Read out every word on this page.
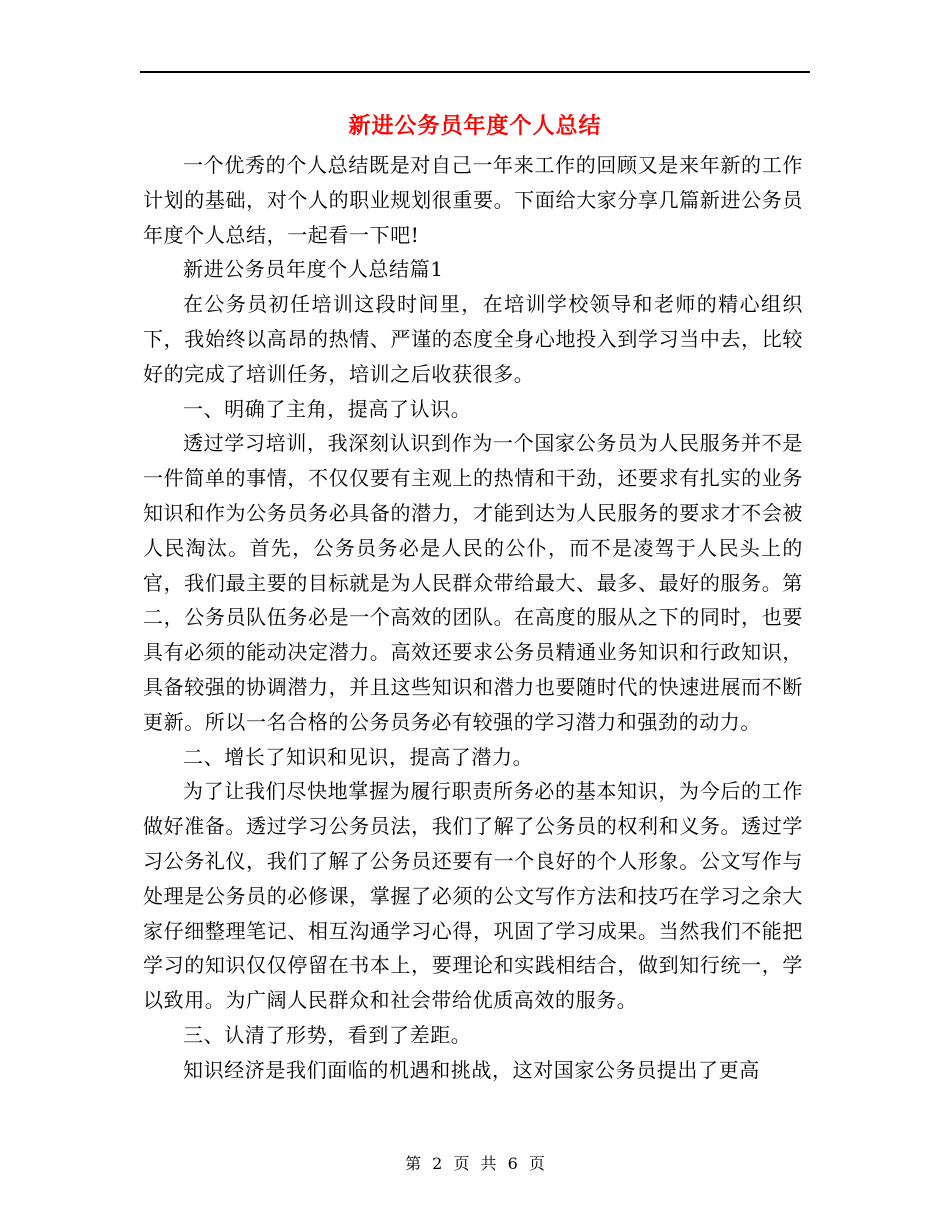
新进公务员年度个人总结

一个优秀的个人总结既是对自己一年来工作的回顾又是来年新的工作计划的基础，对个人的职业规划很重要。下面给大家分享几篇新进公务员年度个人总结，一起看一下吧!

新进公务员年度个人总结篇1

在公务员初任培训这段时间里，在培训学校领导和老师的精心组织下，我始终以高昂的热情、严谨的态度全身心地投入到学习当中去，比较好的完成了培训任务，培训之后收获很多。

一、明确了主角，提高了认识。

透过学习培训，我深刻认识到作为一个国家公务员为人民服务并不是一件简单的事情，不仅仅要有主观上的热情和干劲，还要求有扎实的业务知识和作为公务员务必具备的潜力，才能到达为人民服务的要求才不会被人民淘汰。首先，公务员务必是人民的公仆，而不是凌驾于人民头上的官，我们最主要的目标就是为人民群众带给最大、最多、最好的服务。第二，公务员队伍务必是一个高效的团队。在高度的服从之下的同时，也要具有必须的能动决定潜力。高效还要求公务员精通业务知识和行政知识，具备较强的协调潜力，并且这些知识和潜力也要随时代的快速进展而不断更新。所以一名合格的公务员务必有较强的学习潜力和强劲的动力。

二、增长了知识和见识，提高了潜力。

为了让我们尽快地掌握为履行职责所务必的基本知识，为今后的工作做好准备。透过学习公务员法，我们了解了公务员的权利和义务。透过学习公务礼仪，我们了解了公务员还要有一个良好的个人形象。公文写作与处理是公务员的必修课，掌握了必须的公文写作方法和技巧在学习之余大家仔细整理笔记、相互沟通学习心得，巩固了学习成果。当然我们不能把学习的知识仅仅停留在书本上，要理论和实践相结合，做到知行统一，学以致用。为广阔人民群众和社会带给优质高效的服务。

三、认清了形势，看到了差距。

知识经济是我们面临的机遇和挑战，这对国家公务员提出了更高

第 2 页 共 6 页
